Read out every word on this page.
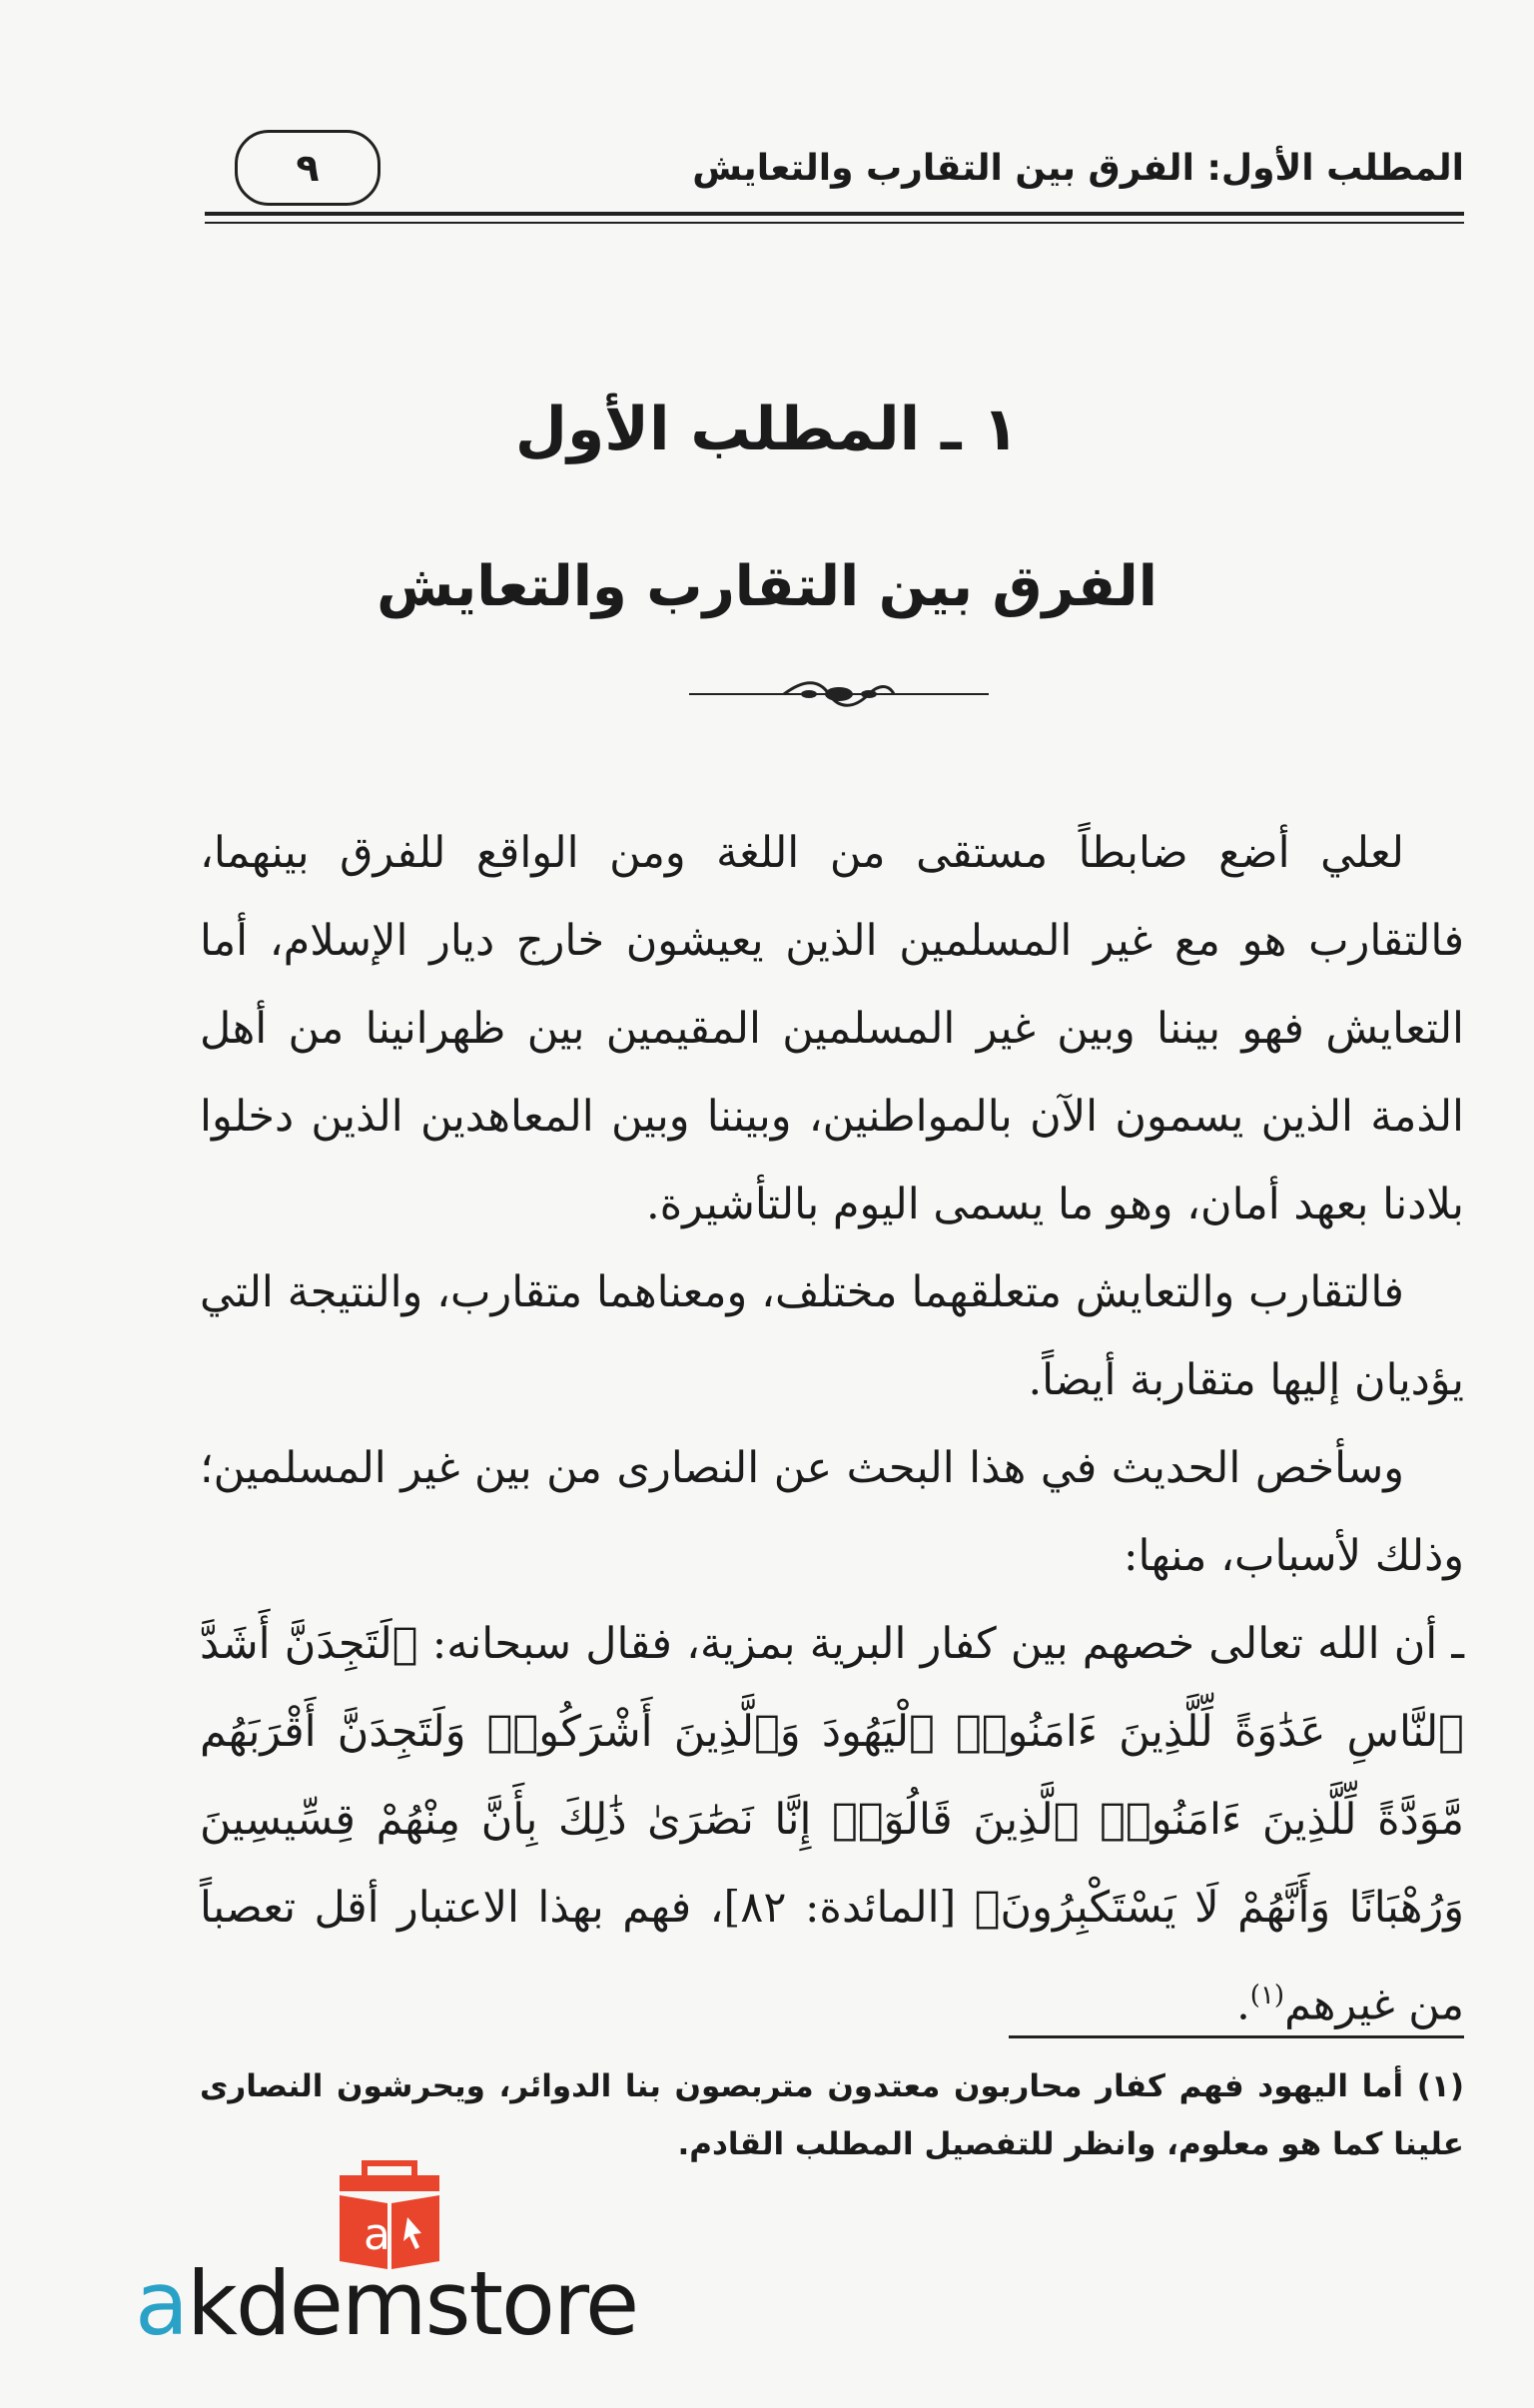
٩	المطلب الأول: الفرق بين التقارب والتعايش
١ ـ المطلب الأول
الفرق بين التقارب والتعايش

لعلي أضع ضابطاً مستقى من اللغة ومن الواقع للفرق بينهما، فالتقارب هو مع غير المسلمين الذين يعيشون خارج ديار الإسلام، أما التعايش فهو بيننا وبين غير المسلمين المقيمين بين ظهرانينا من أهل الذمة الذين يسمون الآن بالمواطنين، وبيننا وبين المعاهدين الذين دخلوا بلادنا بعهد أمان، وهو ما يسمى اليوم بالتأشيرة.

فالتقارب والتعايش متعلقهما مختلف، ومعناهما متقارب، والنتيجة التي يؤديان إليها متقاربة أيضاً.

وسأخص الحديث في هذا البحث عن النصارى من بين غير المسلمين؛ وذلك لأسباب، منها:

ـ أن الله تعالى خصهم بين كفار البرية بمزية، فقال سبحانه: ﴿لَتَجِدَنَّ أَشَدَّ ٱلنَّاسِ عَدَٰوَةً لِّلَّذِينَ ءَامَنُوا۟ ٱلْيَهُودَ وَٱلَّذِينَ أَشْرَكُوا۟ وَلَتَجِدَنَّ أَقْرَبَهُم مَّوَدَّةً لِّلَّذِينَ ءَامَنُوا۟ ٱلَّذِينَ قَالُوٓا۟ إِنَّا نَصَٰرَىٰ ذَٰلِكَ بِأَنَّ مِنْهُمْ قِسِّيسِينَ وَرُهْبَانًا وَأَنَّهُمْ لَا يَسْتَكْبِرُونَ﴾ [المائدة: ٨٢]، فهم بهذا الاعتبار أقل تعصباً من غيرهم$^{(١)}$.

(١) أما اليهود فهم كفار محاربون معتدون متربصون بنا الدوائر، ويحرشون النصارى علينا كما هو معلوم، وانظر للتفصيل المطلب القادم.
a
akdemstore
